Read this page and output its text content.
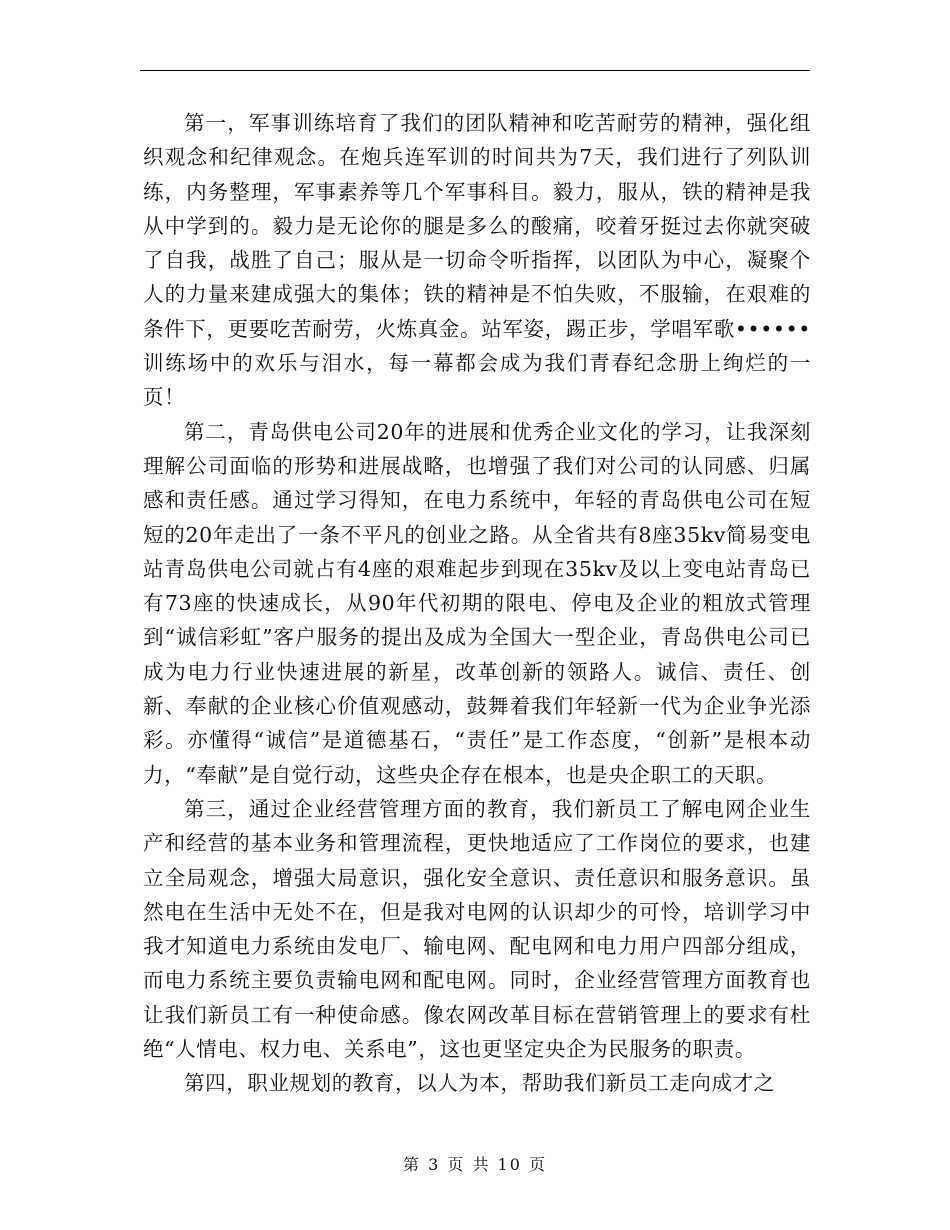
第一，军事训练培育了我们的团队精神和吃苦耐劳的精神，强化组织观念和纪律观念。在炮兵连军训的时间共为7天，我们进行了列队训练，内务整理，军事素养等几个军事科目。毅力，服从，铁的精神是我从中学到的。毅力是无论你的腿是多么的酸痛，咬着牙挺过去你就突破了自我，战胜了自己；服从是一切命令听指挥，以团队为中心，凝聚个人的力量来建成强大的集体；铁的精神是不怕失败，不服输，在艰难的条件下，更要吃苦耐劳，火炼真金。站军姿，踢正步，学唱军歌••••••训练场中的欢乐与泪水，每一幕都会成为我们青春纪念册上绚烂的一页！

第二，青岛供电公司20年的进展和优秀企业文化的学习，让我深刻理解公司面临的形势和进展战略，也增强了我们对公司的认同感、归属感和责任感。通过学习得知，在电力系统中，年轻的青岛供电公司在短短的20年走出了一条不平凡的创业之路。从全省共有8座35kv简易变电站青岛供电公司就占有4座的艰难起步到现在35kv及以上变电站青岛已有73座的快速成长，从90年代初期的限电、停电及企业的粗放式管理到“诚信彩虹”客户服务的提出及成为全国大一型企业，青岛供电公司已成为电力行业快速进展的新星，改革创新的领路人。诚信、责任、创新、奉献的企业核心价值观感动，鼓舞着我们年轻新一代为企业争光添彩。亦懂得“诚信”是道德基石，“责任”是工作态度，“创新”是根本动力，“奉献”是自觉行动，这些央企存在根本，也是央企职工的天职。

第三，通过企业经营管理方面的教育，我们新员工了解电网企业生产和经营的基本业务和管理流程，更快地适应了工作岗位的要求，也建立全局观念，增强大局意识，强化安全意识、责任意识和服务意识。虽然电在生活中无处不在，但是我对电网的认识却少的可怜，培训学习中我才知道电力系统由发电厂、输电网、配电网和电力用户四部分组成，而电力系统主要负责输电网和配电网。同时，企业经营管理方面教育也让我们新员工有一种使命感。像农网改革目标在营销管理上的要求有杜绝“人情电、权力电、关系电”，这也更坚定央企为民服务的职责。

第四，职业规划的教育，以人为本，帮助我们新员工走向成才之

第 3 页 共 10 页
